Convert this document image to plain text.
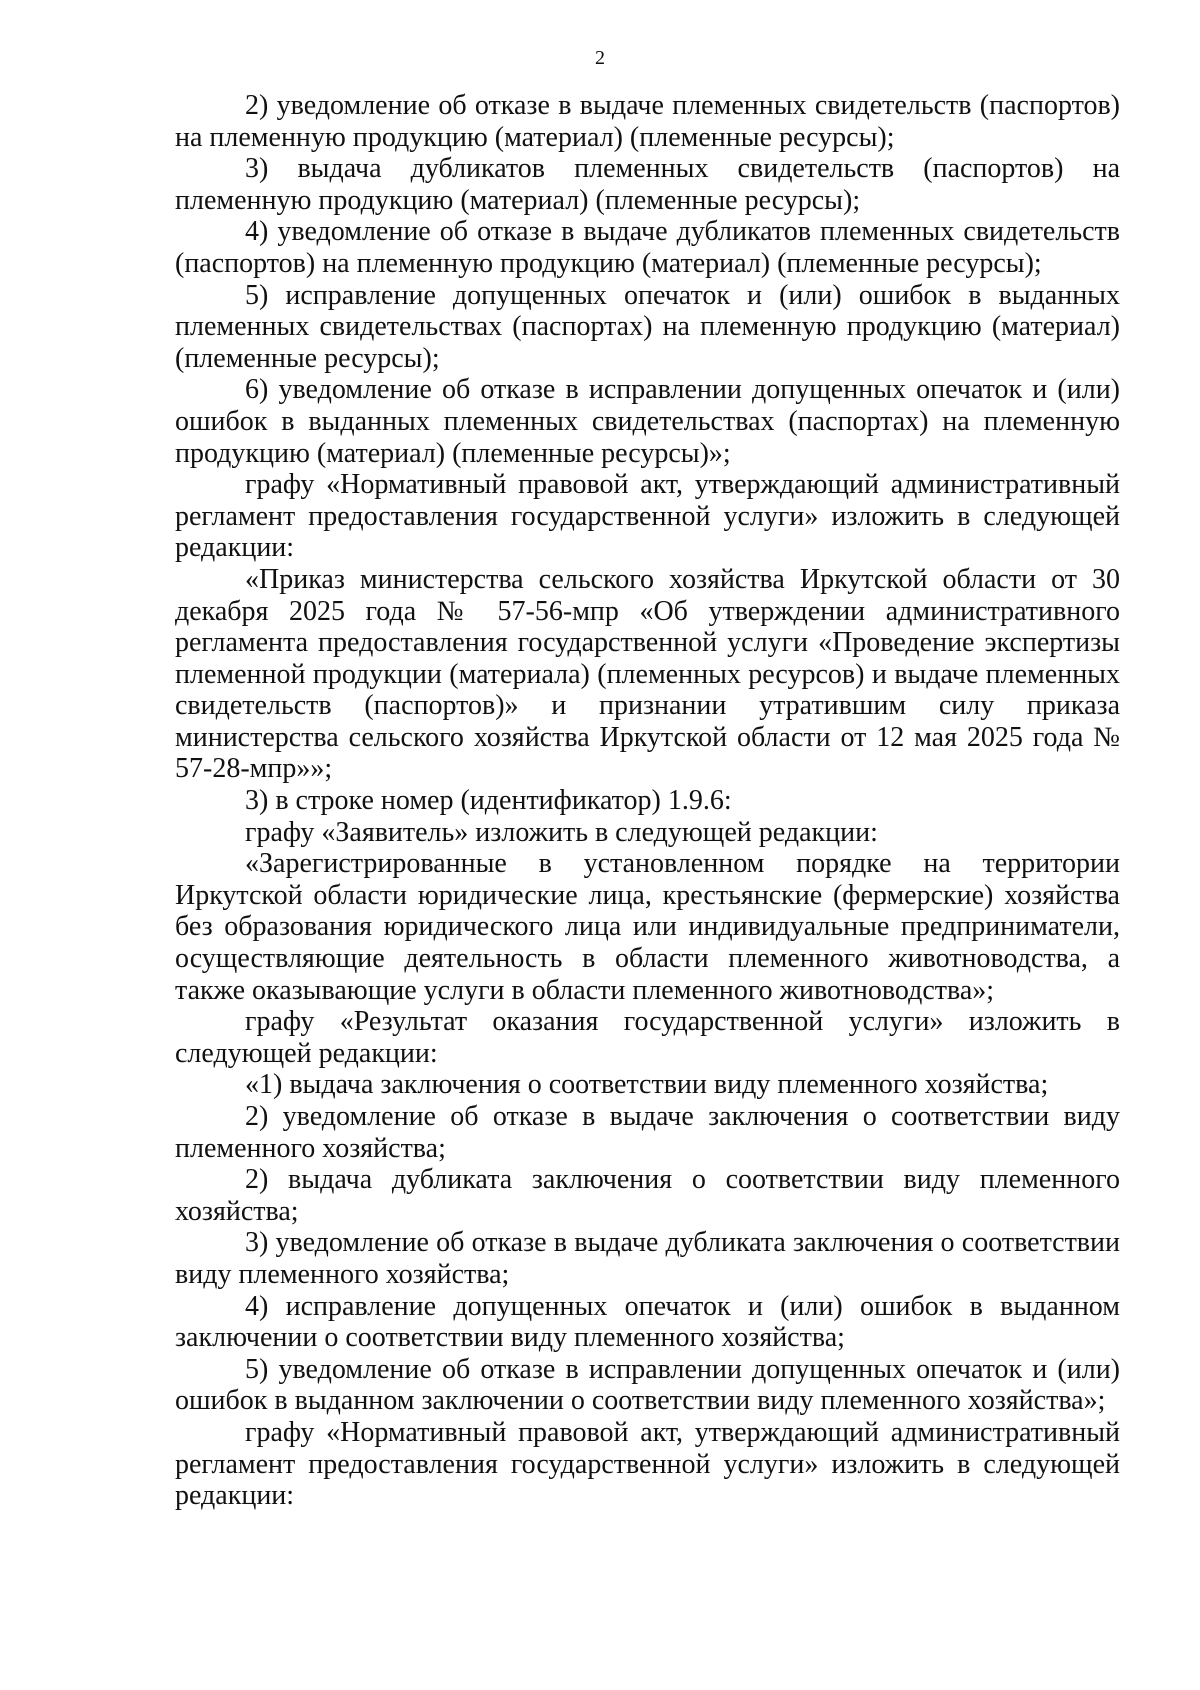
2

2) уведомление об отказе в выдаче племенных свидетельств (паспортов) на племенную продукцию (материал) (племенные ресурсы);

3) выдача дубликатов племенных свидетельств (паспортов) на племенную продукцию (материал) (племенные ресурсы);

4) уведомление об отказе в выдаче дубликатов племенных свидетельств (паспортов) на племенную продукцию (материал) (племенные ресурсы);

5) исправление допущенных опечаток и (или) ошибок в выданных племенных свидетельствах (паспортах) на племенную продукцию (материал) (племенные ресурсы);

6) уведомление об отказе в исправлении допущенных опечаток и (или) ошибок в выданных племенных свидетельствах (паспортах) на племенную продукцию (материал) (племенные ресурсы)»;

графу «Нормативный правовой акт, утверждающий административный регламент предоставления государственной услуги» изложить в следующей редакции:

«Приказ министерства сельского хозяйства Иркутской области от 30 декабря 2025 года № 57-56-мпр «Об утверждении административного регламента предоставления государственной услуги «Проведение экспертизы племенной продукции (материала) (племенных ресурсов) и выдаче племенных свидетельств (паспортов)» и признании утратившим силу приказа министерства сельского хозяйства Иркутской области от 12 мая 2025 года № 57-28-мпр»»;

3) в строке номер (идентификатор) 1.9.6:

графу «Заявитель» изложить в следующей редакции:

«Зарегистрированные в установленном порядке на территории Иркутской области юридические лица, крестьянские (фермерские) хозяйства без образования юридического лица или индивидуальные предприниматели, осуществляющие деятельность в области племенного животноводства, а также оказывающие услуги в области племенного животноводства»;

графу «Результат оказания государственной услуги» изложить в следующей редакции:

«1) выдача заключения о соответствии виду племенного хозяйства;

2) уведомление об отказе в выдаче заключения о соответствии виду племенного хозяйства;

2) выдача дубликата заключения о соответствии виду племенного хозяйства;

3) уведомление об отказе в выдаче дубликата заключения о соответствии виду племенного хозяйства;

4) исправление допущенных опечаток и (или) ошибок в выданном заключении о соответствии виду племенного хозяйства;

5) уведомление об отказе в исправлении допущенных опечаток и (или) ошибок в выданном заключении о соответствии виду племенного хозяйства»;

графу «Нормативный правовой акт, утверждающий административный регламент предоставления государственной услуги» изложить в следующей редакции:
